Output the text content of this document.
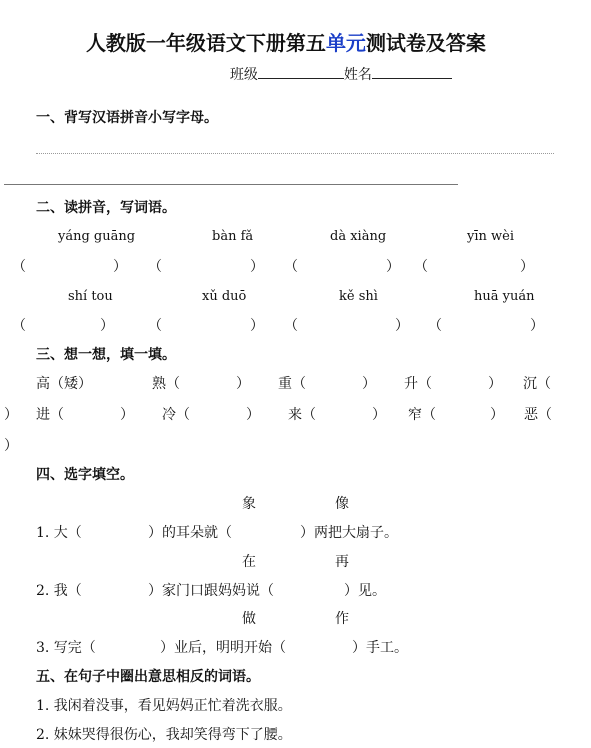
人教版一年级语文下册第五单元测试卷及答案

班级	姓名

一、背写汉语拼音小写字母。
二、读拼音，写词语。
yáng guāng	bàn fǎ	dà xiàng	yīn wèi
（	） （	） （	） （	）
shí tou	xǔ duō	kě shì	huā yuán
（	） （	） （	） （	）
三、想一想，填一填。
高（矮）	熟（	） 重（	） 升（	） 沉（
） 进（	） 冷（	） 来（	） 窄（	） 恶（
）
四、选字填空。
象	像
1. 大（	）的耳朵就（	）两把大扇子。
在	再
2. 我（	）家门口跟妈妈说（	）见。
做	作
3. 写完（	）业后，明明开始（	）手工。
五、在句子中圈出意思相反的词语。
1. 我闲着没事，看见妈妈正忙着洗衣服。
2. 妹妹哭得很伤心，我却笑得弯下了腰。
